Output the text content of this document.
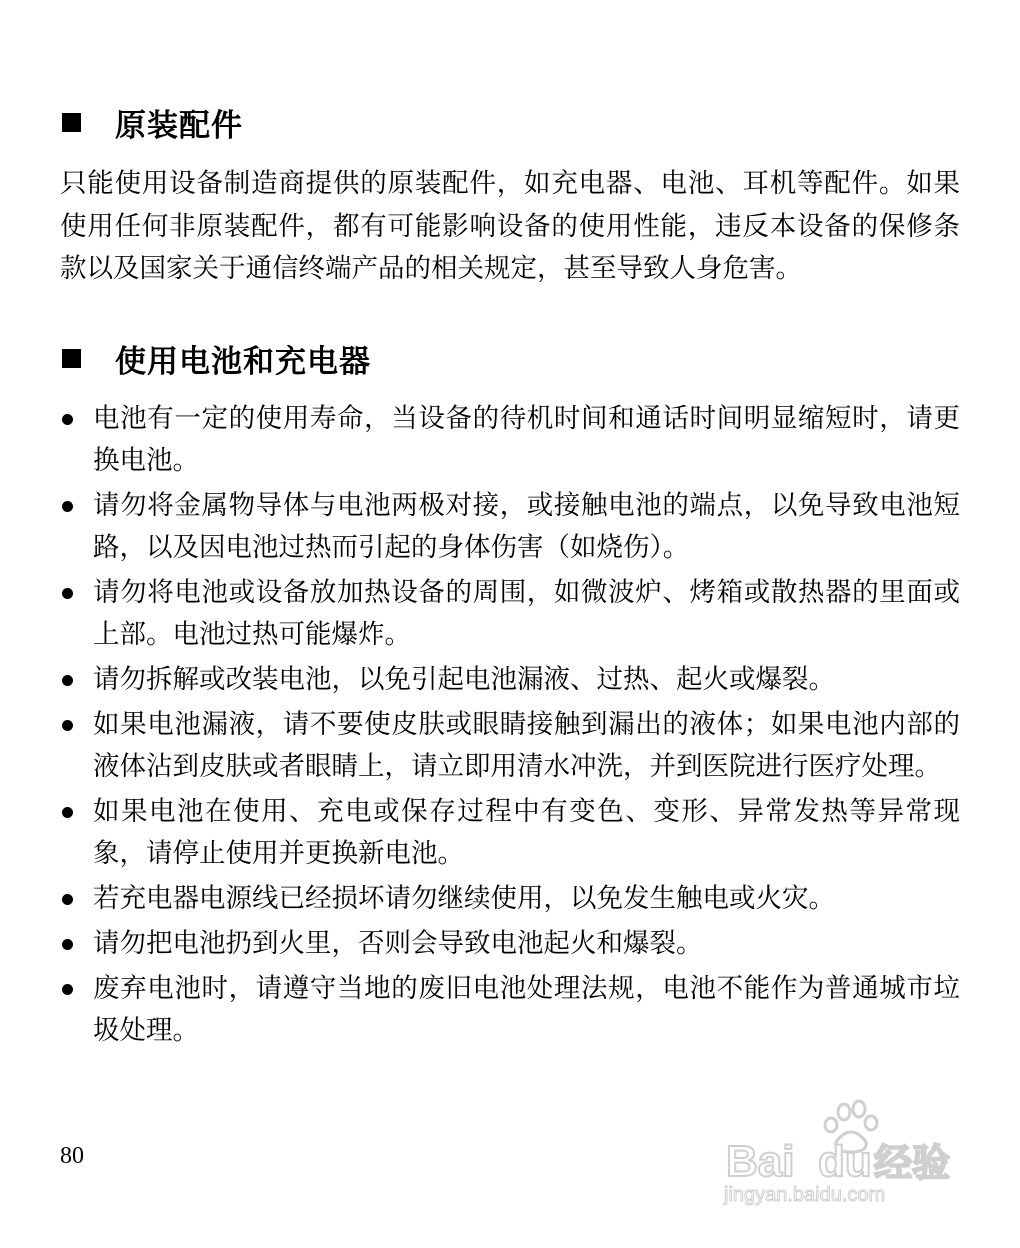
原装配件
只能使用设备制造商提供的原装配件，如充电器、电池、耳机等配件。如果使用任何非原装配件，都有可能影响设备的使用性能，违反本设备的保修条款以及国家关于通信终端产品的相关规定，甚至导致人身危害。
使用电池和充电器
电池有一定的使用寿命，当设备的待机时间和通话时间明显缩短时，请更换电池。
请勿将金属物导体与电池两极对接，或接触电池的端点，以免导致电池短路，以及因电池过热而引起的身体伤害（如烧伤）。
请勿将电池或设备放加热设备的周围，如微波炉、烤箱或散热器的里面或上部。电池过热可能爆炸。
请勿拆解或改装电池，以免引起电池漏液、过热、起火或爆裂。
如果电池漏液，请不要使皮肤或眼睛接触到漏出的液体；如果电池内部的液体沾到皮肤或者眼睛上，请立即用清水冲洗，并到医院进行医疗处理。
如果电池在使用、充电或保存过程中有变色、变形、异常发热等异常现象，请停止使用并更换新电池。
若充电器电源线已经损坏请勿继续使用，以免发生触电或火灾。
请勿把电池扔到火里，否则会导致电池起火和爆裂。
废弃电池时，请遵守当地的废旧电池处理法规，电池不能作为普通城市垃圾处理。
80	Bai du 经验
jingyan.baidu.com
